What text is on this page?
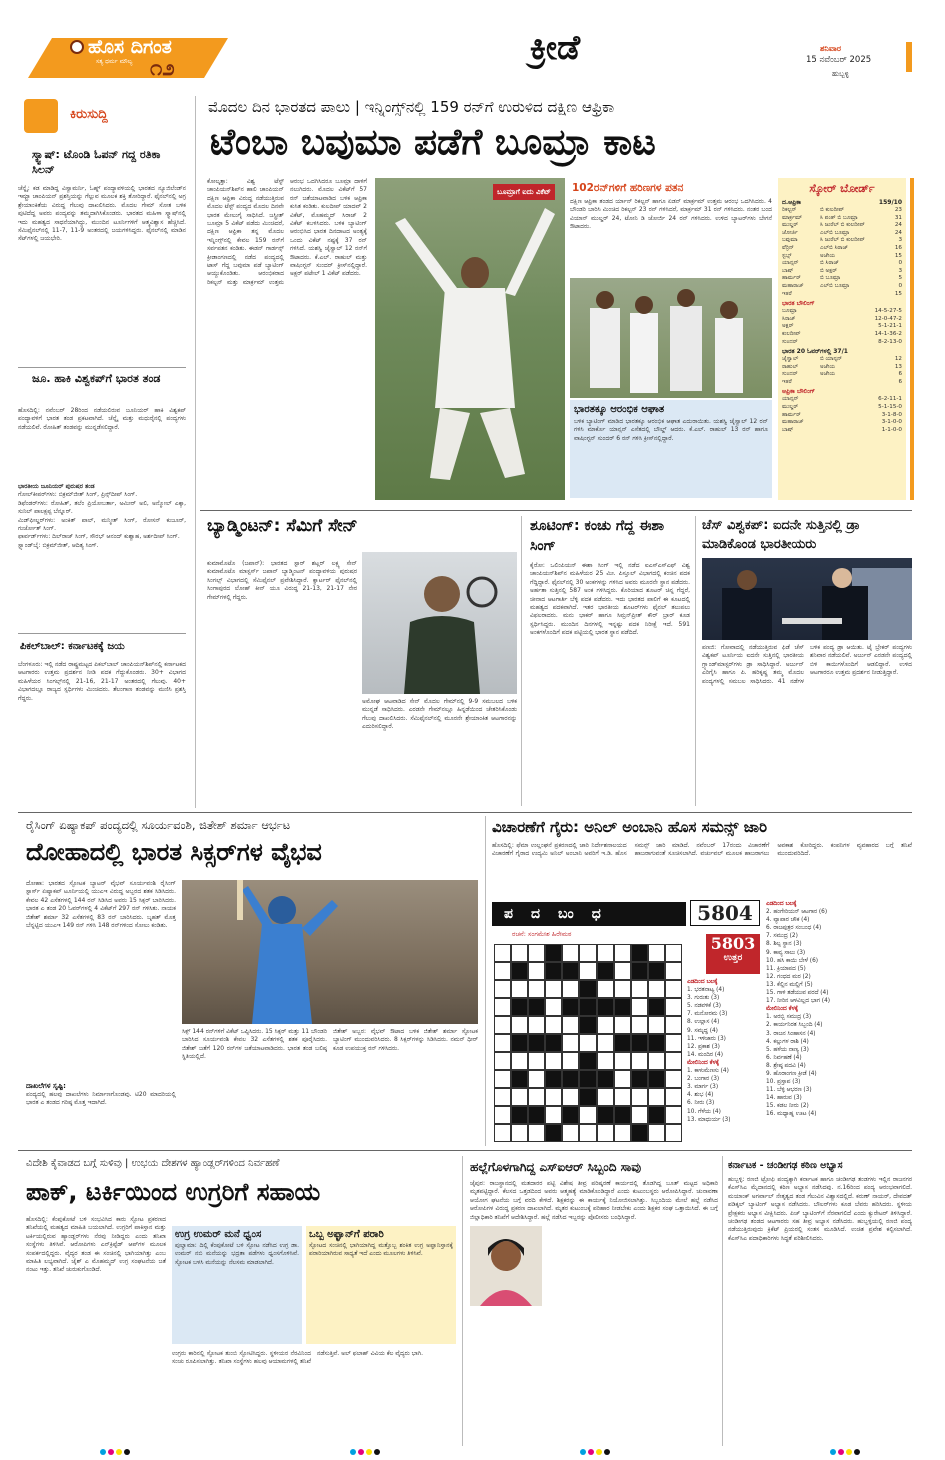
ಹೊಸ ದಿಗಂತ
ಸತ್ಯ ಧರ್ಮ ಮೌಲ್ಯ ೧೨
ಕ್ರೀಡೆ	ಶನಿವಾರ
15 ನವೆಂಬರ್ 2025
ಹುಬ್ಬಳ್ಳಿ
ಕಿರುಸುದ್ದಿ
ಸ್ಕ್ವಾಷ್: ಟೊಂಡಿ ಓಪನ್ ಗದ್ದ ರತಿಕಾ ಸಿಲನ್
ಚೆನ್ನೈ: ಕಡ ಮಾಡಿದ್ದ ವಿಸ್ವಾಮರ್ನಿ, ಓಹ್ನ್ ಪಂದ್ಯಾವಳಿಯಲ್ಲಿ ಭಾರತದ ನ್ಯೂಜಿಲೆಂಡ್‌ನ ಇಮ್ಟ್ರಾ ಚಾಂಪಿಯನ್ ಪ್ರಶಸ್ತಿಯನ್ನು ಗೆಲ್ಲುವ ಮೂಲಕ ಶಕ್ತಿ ತೋರಿದ್ದಾರೆ. ಫೈನಲ್‌ನಲ್ಲಿ ಅಗ್ರ ಶ್ರೇಯಾಂಕಿತೆಯ ವಿರುದ್ಧ ಗೆಲುವು ದಾಖಲಿಸಿದರು. ಮೊದಲ ಗೇಮ್ ಸೋತ ಬಳಿಕ ಪುಟಿದೆದ್ದ ಅವರು ಪಂದ್ಯವನ್ನು ತಮ್ಮದಾಗಿಸಿಕೊಂಡರು. ಭಾರತದ ಮಹಿಳಾ ಸ್ಕ್ವಾಷ್‌ನಲ್ಲಿ ಇದು ಮಹತ್ವದ ಸಾಧನೆಯಾಗಿದ್ದು, ಮುಂದಿನ ಟೂರ್ನಿಗಳಿಗೆ ಆತ್ಮವಿಶ್ವಾಸ ಹೆಚ್ಚಿಸಿದೆ. ಸೆಮಿಫೈನಲ್‌ನಲ್ಲಿ 11-7, 11-9 ಅಂತರದಲ್ಲಿ ಜಯಗಳಿಸಿದ್ದರು. ಫೈನಲ್‌ನಲ್ಲಿ ಮಾಡಿನ ಸೆಟ್‌ಗಳಲ್ಲಿ ಜಯಭೇರಿ.
ಜೂ. ಹಾಕಿ ವಿಶ್ವಕಪ್‌ಗೆ ಭಾರತ ತಂಡ
ಹೊಸದಿಲ್ಲಿ: ನವೆಂಬರ್ 28ರಿಂದ ನಡೆಯಲಿರುವ ಜೂನಿಯರ್ ಹಾಕಿ ವಿಶ್ವಕಪ್ ಪಂದ್ಯಾವಳಿಗೆ ಭಾರತ ತಂಡ ಪ್ರಕಟವಾಗಿದೆ. ಚೆನ್ನೈ ಮತ್ತು ಮಧುರೈನಲ್ಲಿ ಪಂದ್ಯಗಳು ನಡೆಯಲಿವೆ. ರೋಹಿತ್ ತಂಡವನ್ನು ಮುನ್ನಡೆಸಲಿದ್ದಾರೆ.
ಭಾರತೀಯ ಜೂನಿಯರ್ ಪುರುಷರ ತಂಡ
ಗೋಲ್‌ಕೀಪರ್‌ಗಳು: ಬಿಕ್ರಮ್‌ಜೀತ್ ಸಿಂಗ್, ಪ್ರಿನ್ಸ್‌ದೀಪ್ ಸಿಂಗ್.
ಡಿಫೆಂಡರ್‌ಗಳು: ರೋಹಿತ್, ತಲೆಂ ಪ್ರಿಯೋಬರ್ತಾ, ಅಮೀರ್ ಅಲಿ, ಅನ್ಮೋಲ್ ಎಕ್ಕಾ, ಸುನಿಲ್ ಪಾಲಕ್ಷಪ್ಪ ಬೆನ್ನೂರ್.
ಮಿಡ್‌ಫೀಲ್ಡರ್‌ಗಳು: ಅಂಕಿತ್ ಪಾಲ್, ಮನ್ಮೀತ್ ಸಿಂಗ್, ರೋಸನ್ ಕುಜೂರ್, ಗುರ್ಜೋತ್ ಸಿಂಗ್.
ಫಾರ್ವರ್ಡ್‌ಗಳು: ದಿಲ್‌ರಾಜ್ ಸಿಂಗ್, ಸೌರಭ್ ಆನಂದ್ ಕುಶ್ವಾಹ, ಅರ್ಶದೀಪ್ ಸಿಂಗ್.
ಸ್ಟ್ಯಾಂಡ್‌ಬೈ: ಬಿಕ್ರಮ್‌ಜೀತ್, ಆದಿತ್ಯ ಸಿಂಗ್.
ಪಿಕಲ್‌ಬಾಲ್: ಕರ್ನಾಟಕಕ್ಕೆ ಜಯ
ಬೆಂಗಳೂರು: ಇಲ್ಲಿ ನಡೆದ ರಾಷ್ಟ್ರಮಟ್ಟದ ಪಿಕಲ್‌ಬಾಲ್ ಚಾಂಪಿಯನ್‌ಶಿಪ್‌ನಲ್ಲಿ ಕರ್ನಾಟಕದ ಆಟಗಾರರು ಉತ್ತಮ ಪ್ರದರ್ಶನ ನೀಡಿ ಪದಕ ಗೆದ್ದುಕೊಂಡರು. 30+ ವಿಭಾಗದ ಮಹಿಳೆಯರ ಸಿಂಗಲ್ಸ್‌ನಲ್ಲಿ 21-16, 21-17 ಅಂತರದಲ್ಲಿ ಗೆಲುವು. 40+ ವಿಭಾಗದಲ್ಲೂ ರಾಜ್ಯದ ಸ್ಪರ್ಧಿಗಳು ಮಿಂಚಿದರು. ತೆಲಂಗಾಣ ತಂಡವನ್ನು ಮಣಿಸಿ ಪ್ರಶಸ್ತಿ ಗೆದ್ದರು.
ಮೊದಲ ದಿನ ಭಾರತದ ಪಾಲು | ಇನ್ನಿಂಗ್ಸ್‌ನಲ್ಲಿ 159 ರನ್‌ಗೆ ಉರುಳಿದ ದಕ್ಷಿಣ ಆಫ್ರಿಕಾ
ಟೆಂಬಾ ಬವುಮಾ ಪಡೆಗೆ ಬೂಮ್ರಾ ಕಾಟ
ಕೋಲ್ಕತ್ತಾ: ವಿಶ್ವ ಟೆಸ್ಟ್ ಚಾಂಪಿಯನ್‌ಶಿಪ್‌ನ ಹಾಲಿ ಚಾಂಪಿಯನ್ ದಕ್ಷಿಣ ಆಫ್ರಿಕಾ ವಿರುದ್ಧ ನಡೆಯುತ್ತಿರುವ ಮೊದಲ ಟೆಸ್ಟ್ ಪಂದ್ಯದ ಮೊದಲ ದಿನವೇ ಭಾರತ ಮೇಲುಗೈ ಸಾಧಿಸಿದೆ. ಜಸ್ಪ್ರೀತ್ ಬೂಮ್ರಾ 5 ವಿಕೆಟ್ ಪಡೆದು ಮಿಂಚಿದರೆ, ದಕ್ಷಿಣ ಆಫ್ರಿಕಾ ತನ್ನ ಮೊದಲ ಇನ್ನಿಂಗ್ಸ್‌ನಲ್ಲಿ ಕೇವಲ 159 ರನ್‌ಗೆ ಸರ್ವಪತನ ಕಂಡಿತು. ಈಡನ್ ಗಾರ್ಡನ್ಸ್ ಕ್ರೀಡಾಂಗಣದಲ್ಲಿ ನಡೆದ ಪಂದ್ಯದಲ್ಲಿ ಟಾಸ್ ಗೆದ್ದ ಬವುಮಾ ಪಡೆ ಬ್ಯಾಟಿಂಗ್ ಆಯ್ದುಕೊಂಡಿತು. ಆರಂಭಿಕರಾದ ರಿಕಲ್ಟನ್ ಮತ್ತು ಮಾರ್ಕ್ರಮ್ ಉತ್ತಮ ಆರಂಭ ಒದಗಿಸಿದರೂ ಬೂಮ್ರಾ ದಾಳಿಗೆ ನಲುಗಿದರು. ಮೊದಲ ವಿಕೆಟ್‌ಗೆ 57 ರನ್ ಜತೆಯಾಟವಾಡಿದ ಬಳಿಕ ಆಫ್ರಿಕಾ ಕುಸಿತ ಕಂಡಿತು. ಕುಲದೀಪ್ ಯಾದವ್ 2 ವಿಕೆಟ್, ಮೊಹಮ್ಮದ್ ಸಿರಾಜ್ 2 ವಿಕೆಟ್ ಕಬಳಿಸಿದರು. ಬಳಿಕ ಬ್ಯಾಟಿಂಗ್ ಆರಂಭಿಸಿದ ಭಾರತ ದಿನದಾಟದ ಅಂತ್ಯಕ್ಕೆ ಒಂದು ವಿಕೆಟ್ ನಷ್ಟಕ್ಕೆ 37 ರನ್ ಗಳಿಸಿದೆ. ಯಶಸ್ವಿ ಜೈಸ್ವಾಲ್ 12 ರನ್‌ಗೆ ಔಟಾದರು. ಕೆ.ಎಲ್. ರಾಹುಲ್ ಮತ್ತು ವಾಷಿಂಗ್ಟನ್ ಸುಂದರ್ ಕ್ರೀಸ್‌ನಲ್ಲಿದ್ದಾರೆ. ಅಕ್ಷರ್ ಪಟೇಲ್ 1 ವಿಕೆಟ್ ಪಡೆದರು.
ಬೂಮ್ರಾಗೆ ಐದು ವಿಕೆಟ್	102ರನ್‌ಗಳಿಗೆ ಹರಿಣಗಳ ಪತನ
ದಕ್ಷಿಣ ಆಫ್ರಿಕಾ ತಂಡದ ರ್ಯಾನ್ ರಿಕಲ್ಟನ್ ಹಾಗೂ ಏಡನ್ ಮಾರ್ಕ್ರಮ್ ಉತ್ತಮ ಆರಂಭ ಒದಗಿಸಿದರು. 4 ಬೌಂಡರಿ ಬಾರಿಸಿ ಮಿಂಚಿದ ರಿಕಲ್ಟನ್ 23 ರನ್ ಗಳಿಸಿದರೆ, ಮಾರ್ಕ್ರಮ್ 31 ರನ್ ಗಳಿಸಿದರು. ನಂತರ ಬಂದ ವಿಯಾನ್ ಮುಲ್ಡರ್ 24, ಟೋನಿ ಡಿ ಜೋರ್ಜಿ 24 ರನ್ ಗಳಿಸಿದರು. ಉಳಿದ ಬ್ಯಾಟರ್‌ಗಳು ಬೇಗನೆ ಔಟಾದರು.
ಭಾರತಕ್ಕೂ ಆರಂಭಿಕ ಆಘಾತ
ಬಳಿಕ ಬ್ಯಾಟಿಂಗ್ ಮಾಡಿದ ಭಾರತಕ್ಕೂ ಆರಂಭಿಕ ಆಘಾತ ಎದುರಾಯಿತು. ಯಶಸ್ವಿ ಜೈಸ್ವಾಲ್ 12 ರನ್ ಗಳಿಸಿ ಮಾರ್ಕೊ ಯಾನ್ಸನ್ ಎಸೆತದಲ್ಲಿ ಬೌಲ್ಡ್ ಆದರು. ಕೆ.ಎಲ್. ರಾಹುಲ್ 13 ರನ್ ಹಾಗೂ ವಾಷಿಂಗ್ಟನ್ ಸುಂದರ್ 6 ರನ್ ಗಳಿಸಿ ಕ್ರೀಸ್‌ನಲ್ಲಿದ್ದಾರೆ.
ಸ್ಕೋರ್ ಬೋರ್ಡ್
ದ.ಆಫ್ರಿಕಾ	159/10
ರಿಕಲ್ಟನ್	ಬಿ ಕುಲದೀಪ್	23
ಮಾರ್ಕ್ರಮ್	ಸಿ ಪಂತ್ ಬಿ ಬೂಮ್ರಾ	31
ಮುಲ್ಡರ್	ಸಿ ಜುರೆಲ್ ಬಿ ಕುಲದೀಪ್	24
ಜೋರ್ಜಿ	ಎಲ್‌ಬಿ ಬೂಮ್ರಾ	24
ಬವುಮಾ	ಸಿ ಜುರೆಲ್ ಬಿ ಕುಲದೀಪ್	3
ವೆರ್ರಿನ್	ಎಲ್‌ಬಿ ಸಿರಾಜ್	16
ಸ್ಟಬ್ಸ್	ಅಜೇಯ	15
ಯಾನ್ಸನ್	ಬಿ ಸಿರಾಜ್	0
ಬಾಷ್	ಬಿ ಅಕ್ಷರ್	3
ಹಾರ್ಮರ್	ಬಿ ಬೂಮ್ರಾ	5
ಮಹಾರಾಜ್	ಎಲ್‌ಬಿ ಬೂಮ್ರಾ	0
ಇತರೆ	15
ಭಾರತ ಬೌಲಿಂಗ್
ಬೂಮ್ರಾ	14-5-27-5
ಸಿರಾಜ್	12-0-47-2
ಅಕ್ಷರ್	5-1-21-1
ಕುಲದೀಪ್	14-1-36-2
ಸುಂದರ್	8-2-13-0
ಭಾರತ 20 ಓವರ್‌ಗಳಲ್ಲಿ 37/1
ಜೈಸ್ವಾಲ್	ಬಿ ಯಾನ್ಸನ್	12
ರಾಹುಲ್	ಅಜೇಯ	13
ಸುಂದರ್	ಅಜೇಯ	6
ಇತರೆ	6
ಆಫ್ರಿಕಾ ಬೌಲಿಂಗ್
ಯಾನ್ಸನ್	6-2-11-1
ಮುಲ್ಡರ್	5-1-15-0
ಹಾರ್ಮರ್	3-1-8-0
ಮಹಾರಾಜ್	3-1-0-0
ಬಾಷ್	1-1-0-0
ಬ್ಯಾಡ್ಮಿಂಟನ್: ಸೆಮಿಗೆ ಸೇನ್
ಕುಮಾಮೊಟೊ (ಜಪಾನ್): ಭಾರತದ ಸ್ಟಾರ್ ಶಟ್ಲರ್ ಲಕ್ಷ್ಯ ಸೇನ್ ಕುಮಾಮೊಟೊ ಮಾಸ್ಟರ್ಸ್ ಜಪಾನ್ ಬ್ಯಾಡ್ಮಿಂಟನ್ ಪಂದ್ಯಾವಳಿಯ ಪುರುಷರ ಸಿಂಗಲ್ಸ್ ವಿಭಾಗದಲ್ಲಿ ಸೆಮಿಫೈನಲ್ ಪ್ರವೇಶಿಸಿದ್ದಾರೆ. ಕ್ವಾರ್ಟರ್ ಫೈನಲ್‌ನಲ್ಲಿ ಸಿಂಗಾಪುರದ ಲೋಹ್ ಕೀನ್ ಯೂ ವಿರುದ್ಧ 21-13, 21-17 ನೇರ ಗೇಮ್‌ಗಳಲ್ಲಿ ಗೆದ್ದರು.
ಅಮೋಘ ಆಟವಾಡಿದ ಸೇನ್ ಮೊದಲ ಗೇಮ್‌ನಲ್ಲಿ 9-9 ಸಮಬಲದ ಬಳಿಕ ಮುನ್ನಡೆ ಸಾಧಿಸಿದರು. ಎರಡನೇ ಗೇಮ್‌ನಲ್ಲೂ ಹಿನ್ನಡೆಯಿಂದ ಚೇತರಿಸಿಕೊಂಡು ಗೆಲುವು ದಾಖಲಿಸಿದರು. ಸೆಮಿಫೈನಲ್‌ನಲ್ಲಿ ಮೂರನೇ ಶ್ರೇಯಾಂಕಿತ ಆಟಗಾರನನ್ನು ಎದುರಿಸಲಿದ್ದಾರೆ.
ಶೂಟಿಂಗ್: ಕಂಚು ಗೆದ್ದ ಈಶಾ ಸಿಂಗ್
ಕೈರೋ: ಒಲಿಂಪಿಯನ್ ಈಶಾ ಸಿಂಗ್ ಇಲ್ಲಿ ನಡೆದ ಐಎಸ್‌ಎಸ್‌ಎಫ್ ವಿಶ್ವ ಚಾಂಪಿಯನ್‌ಶಿಪ್‌ನ ಮಹಿಳೆಯರ 25 ಮೀ. ಪಿಸ್ತೂಲ್ ವಿಭಾಗದಲ್ಲಿ ಕಂಚಿನ ಪದಕ ಗೆದ್ದಿದ್ದಾರೆ. ಫೈನಲ್‌ನಲ್ಲಿ 30 ಅಂಕಗಳನ್ನು ಗಳಿಸಿದ ಅವರು ಮೂರನೇ ಸ್ಥಾನ ಪಡೆದರು. ಅರ್ಹತಾ ಸುತ್ತಿನಲ್ಲಿ 587 ಅಂಕ ಗಳಿಸಿದ್ದರು. ಕೊರಿಯಾದ ಶೂಟರ್ ಚಿನ್ನ ಗೆದ್ದರೆ, ಚೀನಾದ ಆಟಗಾರ್ತಿ ಬೆಳ್ಳಿ ಪದಕ ಪಡೆದರು. ಇದು ಭಾರತದ ಪಾಲಿಗೆ ಈ ಕೂಟದಲ್ಲಿ ಮಹತ್ವದ ಪದಕವಾಗಿದೆ. ಇತರ ಭಾರತೀಯ ಶೂಟರ್‌ಗಳು ಫೈನಲ್ ತಲುಪಲು ವಿಫಲರಾದರು. ಮನು ಭಾಕರ್ ಹಾಗೂ ಸಿಮ್ರನ್‌ಪ್ರೀತ್ ಕೌರ್ ಬ್ರಾರ್ ಕೂಡ ಸ್ಪರ್ಧಿಸಿದ್ದರು. ಮುಂದಿನ ದಿನಗಳಲ್ಲಿ ಇನ್ನಷ್ಟು ಪದಕ ನಿರೀಕ್ಷೆ ಇದೆ. 591 ಅಂಕಗಳೊಂದಿಗೆ ಪದಕ ಪಟ್ಟಿಯಲ್ಲಿ ಭಾರತ ಸ್ಥಾನ ಪಡೆದಿದೆ.
ಚೆಸ್ ವಿಶ್ವಕಪ್: ಐದನೇ ಸುತ್ತಿನಲ್ಲಿ ಡ್ರಾ ಮಾಡಿಕೊಂಡ ಭಾರತೀಯರು
ಪಣಜಿ: ಗೋವಾದಲ್ಲಿ ನಡೆಯುತ್ತಿರುವ ಫಿಡೆ ಚೆಸ್ ವಿಶ್ವಕಪ್ ಟೂರ್ನಿಯ ಐದನೇ ಸುತ್ತಿನಲ್ಲಿ ಭಾರತೀಯ ಗ್ರ್ಯಾಂಡ್‌ಮಾಸ್ಟರ್‌ಗಳು ಡ್ರಾ ಸಾಧಿಸಿದ್ದಾರೆ. ಅರ್ಜುನ್ ಎರಿಗೈಸಿ ಹಾಗೂ ಪಿ. ಹರಿಕೃಷ್ಣ ತಮ್ಮ ಮೊದಲ ಪಂದ್ಯಗಳಲ್ಲಿ ಸಮಬಲ ಸಾಧಿಸಿದರು. 41 ನಡೆಗಳ ಬಳಿಕ ಪಂದ್ಯ ಡ್ರಾ ಆಯಿತು. ಟೈ ಬ್ರೇಕರ್ ಪಂದ್ಯಗಳು ಶನಿವಾರ ನಡೆಯಲಿವೆ. ಅರ್ಜುನ್ ಎರಡನೇ ಪಂದ್ಯದಲ್ಲಿ ಬಿಳಿ ಕಾಯಿಗಳೊಂದಿಗೆ ಆಡಲಿದ್ದಾರೆ. ಉಳಿದ ಆಟಗಾರರೂ ಉತ್ತಮ ಪ್ರದರ್ಶನ ನೀಡುತ್ತಿದ್ದಾರೆ.
ರೈಸಿಂಗ್ ಏಷ್ಯಾಕಪ್ ಪಂದ್ಯದಲ್ಲಿ ಸೂರ್ಯವಂಶಿ, ಜಿತೇಶ್ ಶರ್ಮಾ ಆರ್ಭಟ
ದೋಹಾದಲ್ಲಿ ಭಾರತ ಸಿಕ್ಸರ್‌ಗಳ ವೈಭವ
ದೋಹಾ: ಭಾರತದ ಸ್ಫೋಟಕ ಬ್ಯಾಟರ್ ವೈಭವ್ ಸೂರ್ಯವಂಶಿ ರೈಸಿಂಗ್ ಸ್ಟಾರ್ಸ್ ಏಷ್ಯಾಕಪ್ ಟೂರ್ನಿಯಲ್ಲಿ ಯುಎಇ ವಿರುದ್ಧ ಅಬ್ಬರದ ಶತಕ ಸಿಡಿಸಿದರು. ಕೇವಲ 42 ಎಸೆತಗಳಲ್ಲಿ 144 ರನ್ ಸಿಡಿಸಿದ ಅವರು 15 ಸಿಕ್ಸರ್ ಬಾರಿಸಿದರು. ಭಾರತ ಎ ತಂಡ 20 ಓವರ್‌ಗಳಲ್ಲಿ 4 ವಿಕೆಟ್‌ಗೆ 297 ರನ್ ಗಳಿಸಿತು. ನಾಯಕ ಜಿತೇಶ್ ಶರ್ಮಾ 32 ಎಸೆತಗಳಲ್ಲಿ 83 ರನ್ ಬಾರಿಸಿದರು. ಬೃಹತ್ ಮೊತ್ತ ಬೆನ್ನಟ್ಟಿದ ಯುಎಇ 149 ರನ್ ಗಳಿಸಿ 148 ರನ್‌ಗಳಿಂದ ಸೋಲು ಕಂಡಿತು.
ದಾಖಲೆಗಳ ಸೃಷ್ಟಿ:
ಪಂದ್ಯದಲ್ಲಿ ಹಲವು ದಾಖಲೆಗಳು ನಿರ್ಮಾಣಗೊಂಡವು. ಟಿ20 ಮಾದರಿಯಲ್ಲಿ ಭಾರತ ಎ ತಂಡದ ಗರಿಷ್ಠ ಮೊತ್ತ ಇದಾಗಿದೆ.
ಸಿಕ್ಸ್ 144 ರನ್‌ಗಳಿಗೆ ವಿಕೆಟ್ ಒಪ್ಪಿಸಿದರು. 15 ಸಿಕ್ಸರ್ ಮತ್ತು 11 ಬೌಂಡರಿ ಬಾರಿಸಿದ ಸೂರ್ಯವಂಶಿ ಕೇವಲ 32 ಎಸೆತಗಳಲ್ಲಿ ಶತಕ ಪೂರೈಸಿದರು. ಜಿತೇಶ್ ಜತೆಗೆ 120 ರನ್‌ಗಳ ಜತೆಯಾಟವಾಡಿದರು. ಭಾರತ ತಂಡ ಬಲಿಷ್ಠ ಸ್ಥಿತಿಯಲ್ಲಿದೆ.
ಜಿತೇಶ್ ಅಬ್ಬರ: ವೈಭವ್ ಔಟಾದ ಬಳಿಕ ಜಿತೇಶ್ ಶರ್ಮಾ ಸ್ಫೋಟಕ ಬ್ಯಾಟಿಂಗ್ ಮುಂದುವರಿಸಿದರು. 8 ಸಿಕ್ಸರ್‌ಗಳನ್ನು ಸಿಡಿಸಿದರು. ನಮನ್ ಧೀರ್ ಕೂಡ ಉಪಯುಕ್ತ ರನ್ ಗಳಿಸಿದರು.
ವಿಚಾರಣೆಗೆ ಗೈರು: ಅನಿಲ್ ಅಂಬಾನಿ ಹೊಸ ಸಮನ್ಸ್ ಜಾರಿ
ಹೊಸದಿಲ್ಲಿ: ಫೆಮಾ ಉಲ್ಲಂಘನೆ ಪ್ರಕರಣದಲ್ಲಿ ಜಾರಿ ನಿರ್ದೇಶನಾಲಯದ ವಿಚಾರಣೆಗೆ ಗೈರಾದ ಉದ್ಯಮಿ ಅನಿಲ್ ಅಂಬಾನಿ ಅವರಿಗೆ ಇ.ಡಿ. ಹೊಸ ಸಮನ್ಸ್ ಜಾರಿ ಮಾಡಿದೆ. ನವೆಂಬರ್ 17ರಂದು ವಿಚಾರಣೆಗೆ ಹಾಜರಾಗುವಂತೆ ಸೂಚಿಸಲಾಗಿದೆ. ವರ್ಚುವಲ್ ಮೂಲಕ ಹಾಜರಾಗಲು ಅವಕಾಶ ಕೋರಿದ್ದರು. ಕಂಪನಿಗಳ ವ್ಯವಹಾರದ ಬಗ್ಗೆ ತನಿಖೆ ಮುಂದುವರಿದಿದೆ.
ಪದಬಂಧ
ರಚನೆ: ಸಂಗಮೇಶ ಹಿರೇಮಠ
5804
5803
ಉತ್ತರ
ಎಡದಿಂದ ಬಲಕ್ಕೆ
1. ಭರತನಾಟ್ಯ (4)
3. ಗುರುತು (3)
5. ನಡವಳಿಕೆ (3)
7. ಮನೋರಮ (3)
8. ಉಲ್ಲಾಸ (4)
9. ಸಮೃದ್ಧ (4)
11. ಇಳಿಜಾರು (3)
12. ಪ್ರಕಾಶ (3)
14. ಮಂದಿರ (4)
ಮೇಲಿನಿಂದ ಕೆಳಕ್ಕೆ
1. ಕಾಳುಮೆಣಸು (4)
2. ಬಂಗಾರ (3)
3. ಮಾರ್ಗ (3)
4. ಶುಭ (4)
6. ನೀರು (3)
10. ಗೆಳೆಯ (4)
13. ಮಾಧುರ್ಯ (3)
ಎಡದಿಂದ ಬಲಕ್ಕೆ
2. ಹಂಗೇರಿಯನ್ ಆಟಗಾರ (6)
4. ವ್ಯಾಪಾರ ಚೌಕ (4)
6. ರಾಜಪುತ್ರರ ಸಂಬಂಧ (4)
7. ಸಮುದ್ರ (2)
8. ಶಿಲ್ಪ ಸ್ಥಾನ (3)
9. ಕಾವ್ಯ ಸಾಲು (3)
10. ಹಸಿ ಕಾಯಿ ಬೇಳೆ (6)
11. ಕ್ರಿಯಾಪದ (5)
12. ಗಂಧದ ಮರ (2)
13. ಕೆಲ್ಲಿನ ಮಲ್ಲಿಗೆ (5)
15. ಗಾಳಿ ತಡೆಯುವ ಪರದೆ (4)
17. ನೀರಿನ ಆಳವಿಲ್ಲದ ಭಾಗ (4)
ಮೇಲಿನಿಂದ ಕೆಳಕ್ಕೆ
1. ಅರಬ್ಬಿ ಸಮುದ್ರ (3)
2. ಕಾರ್ಯನಿರತ ಸಿಬ್ಬಂದಿ (4)
3. ರಾಜನ ಸಿಂಹಾಸನ (4)
4. ಕಲ್ಲುಗಳ ರಾಶಿ (4)
5. ಹಳೆಯ ನಾಣ್ಯ (3)
6. ನಿರ್ವಹಣೆ (4)
8. ಶ್ರೇಷ್ಠ ಪದವಿ (4)
9. ಹೊರಾಂಗಣ ಕ್ರೀಡೆ (4)
10. ಪ್ರಸ್ತಾಪ (3)
11. ಬೆಳ್ಳಿ ಆಭರಣ (3)
14. ಹಾರುವ (3)
15. ಕಡಲ ನೀರು (2)
16. ಮಧ್ಯಾಹ್ನ ಊಟ (4)
ವಿದೇಶಿ ಕೈವಾಡದ ಬಗ್ಗೆ ಸುಳಿವು | ಉಭಯ ದೇಶಗಳ ಹ್ಯಾಂಡ್ಲರ್‌ಗಳಿಂದ ನಿರ್ವಹಣೆ
ಪಾಕ್, ಟರ್ಕಿಯಿಂದ ಉಗ್ರರಿಗೆ ಸಹಾಯ
ಹೊಸದಿಲ್ಲಿ: ಕೆಂಪುಕೋಟೆ ಬಳಿ ಸಂಭವಿಸಿದ ಕಾರು ಸ್ಫೋಟ ಪ್ರಕರಣದ ತನಿಖೆಯಲ್ಲಿ ಮಹತ್ವದ ಮಾಹಿತಿ ಬಯಲಾಗಿದೆ. ಉಗ್ರರಿಗೆ ಪಾಕಿಸ್ತಾನ ಮತ್ತು ಟರ್ಕಿಯಲ್ಲಿರುವ ಹ್ಯಾಂಡ್ಲರ್‌ಗಳು ನೆರವು ನೀಡಿದ್ದರು ಎಂದು ತನಿಖಾ ಸಂಸ್ಥೆಗಳು ತಿಳಿಸಿವೆ. ಆರೋಪಿಗಳು ಎನ್‌ಕ್ರಿಪ್ಟೆಡ್ ಆಪ್‌ಗಳ ಮೂಲಕ ಸಂಪರ್ಕದಲ್ಲಿದ್ದರು. ವೈದ್ಯರ ತಂಡ ಈ ಸಂಚಿನಲ್ಲಿ ಭಾಗಿಯಾಗಿತ್ತು ಎಂಬ ಮಾಹಿತಿ ಲಭ್ಯವಾಗಿದೆ. ಜೈಶ್ ಎ ಮೊಹಮ್ಮದ್ ಉಗ್ರ ಸಂಘಟನೆಯ ಜತೆ ನಂಟು ಇತ್ತು. ತನಿಖೆ ಚುರುಕುಗೊಂಡಿದೆ.
ಉಗ್ರ ಉಮರ್ ಮನೆ ಧ್ವಂಸ
ಪುಲ್ವಾಮಾ: ದಿಲ್ಲಿ ಕೆಂಪುಕೋಟೆ ಬಳಿ ಸ್ಫೋಟ ನಡೆಸಿದ ಉಗ್ರ ಡಾ. ಉಮರ್ ನಬಿ ಮನೆಯನ್ನು ಭದ್ರತಾ ಪಡೆಗಳು ಧ್ವಂಸಗೊಳಿಸಿವೆ. ಸ್ಫೋಟಕ ಬಳಸಿ ಮನೆಯನ್ನು ನೆಲಸಮ ಮಾಡಲಾಗಿದೆ.
ಒಬ್ಬ ಅಫ್ಘಾನ್‌ಗೆ ಪರಾರಿ
ಸ್ಫೋಟದ ಸಂಚಿನಲ್ಲಿ ಭಾಗಿಯಾಗಿದ್ದ ಮತ್ತೊಬ್ಬ ಶಂಕಿತ ಉಗ್ರ ಅಫ್ಘಾನಿಸ್ತಾನಕ್ಕೆ ಪರಾರಿಯಾಗಿರುವ ಸಾಧ್ಯತೆ ಇದೆ ಎಂದು ಮೂಲಗಳು ತಿಳಿಸಿವೆ.
ಉಗ್ರರು ಕಾರಿನಲ್ಲಿ ಸ್ಫೋಟಕ ತುಂಬಿ ಸ್ಫೋಟಿಸಿದ್ದರು. ಸ್ಥಳೀಯರ ನೆರವಿನಿಂದ ಸಂಚು ರೂಪಿಸಲಾಗಿತ್ತು. ತನಿಖಾ ಸಂಸ್ಥೆಗಳು ಹಲವು ಆಯಾಮಗಳಲ್ಲಿ ತನಿಖೆ ನಡೆಸುತ್ತಿವೆ. ಅಲ್ ಫಲಾಹ್ ವಿವಿಯ ಕೆಲ ವೈದ್ಯರು ಭಾಗಿ.
ಹಲ್ಲೆಗೊಳಗಾಗಿದ್ದ ಎಸ್‌ಐಆರ್ ಸಿಬ್ಬಂದಿ ಸಾವು
ಜೈಪುರ: ರಾಜಸ್ಥಾನದಲ್ಲಿ ಮತದಾರರ ಪಟ್ಟಿ ವಿಶೇಷ ತೀವ್ರ ಪರಿಷ್ಕರಣೆ ಕಾರ್ಯದಲ್ಲಿ ತೊಡಗಿದ್ದ ಬೂತ್ ಮಟ್ಟದ ಅಧಿಕಾರಿ ಮೃತಪಟ್ಟಿದ್ದಾರೆ. ಕೆಲಸದ ಒತ್ತಡದಿಂದ ಅವರು ಆತ್ಮಹತ್ಯೆ ಮಾಡಿಕೊಂಡಿದ್ದಾರೆ ಎಂದು ಕುಟುಂಬಸ್ಥರು ಆರೋಪಿಸಿದ್ದಾರೆ. ಚುನಾವಣಾ ಆಯೋಗ ಘಟನೆಯ ಬಗ್ಗೆ ವರದಿ ಕೇಳಿದೆ. ಶಿಕ್ಷಕರನ್ನು ಈ ಕಾರ್ಯಕ್ಕೆ ನಿಯೋಜಿಸಲಾಗಿತ್ತು. ಸಿಬ್ಬಂದಿಯ ಮೇಲೆ ಹಲ್ಲೆ ನಡೆಸಿದ ಆರೋಪಿಗಳ ವಿರುದ್ಧ ಪ್ರಕರಣ ದಾಖಲಾಗಿದೆ. ಮೃತರ ಕುಟುಂಬಕ್ಕೆ ಪರಿಹಾರ ನೀಡಬೇಕು ಎಂದು ಶಿಕ್ಷಕರ ಸಂಘ ಒತ್ತಾಯಿಸಿದೆ. ಈ ಬಗ್ಗೆ ಜಿಲ್ಲಾಧಿಕಾರಿ ತನಿಖೆಗೆ ಆದೇಶಿಸಿದ್ದಾರೆ. ಹಲ್ಲೆ ನಡೆಸಿದ ಇಬ್ಬರನ್ನು ಪೊಲೀಸರು ಬಂಧಿಸಿದ್ದಾರೆ.
ಕರ್ನಾಟಕ - ಚಂಡೀಗಢ ಕಠಿಣ ಅಭ್ಯಾಸ
ಹುಬ್ಬಳ್ಳಿ: ರಣಜಿ ಟ್ರೋಫಿ ಪಂದ್ಯಕ್ಕಾಗಿ ಕರ್ನಾಟಕ ಹಾಗೂ ಚಂಡೀಗಢ ತಂಡಗಳು ಇಲ್ಲಿನ ರಾಜನಗರ ಕೆಎಸ್‌ಸಿಎ ಮೈದಾನದಲ್ಲಿ ಕಠಿಣ ಅಭ್ಯಾಸ ನಡೆಸಿದವು. ನ.16ರಿಂದ ಪಂದ್ಯ ಆರಂಭವಾಗಲಿದೆ. ಮಯಾಂಕ್ ಅಗರ್ವಾಲ್ ನೇತೃತ್ವದ ತಂಡ ಗೆಲುವಿನ ವಿಶ್ವಾಸದಲ್ಲಿದೆ. ಕರುಣ್ ನಾಯರ್, ದೇವದತ್ ಪಡಿಕ್ಕಲ್ ಬ್ಯಾಟಿಂಗ್ ಅಭ್ಯಾಸ ನಡೆಸಿದರು. ಬೌಲರ್‌ಗಳು ಕೂಡ ಬೆವರು ಹರಿಸಿದರು. ಸ್ಥಳೀಯ ಪ್ರೇಕ್ಷಕರು ಅಭ್ಯಾಸ ವೀಕ್ಷಿಸಿದರು. ಪಿಚ್ ಬ್ಯಾಟಿಂಗ್‌ಗೆ ನೆರವಾಗಲಿದೆ ಎಂದು ಕ್ಯುರೇಟರ್ ತಿಳಿಸಿದ್ದಾರೆ. ಚಂಡೀಗಢ ತಂಡದ ಆಟಗಾರರು ಸಹ ತೀವ್ರ ಅಭ್ಯಾಸ ನಡೆಸಿದರು. ಹುಬ್ಬಳ್ಳಿಯಲ್ಲಿ ರಣಜಿ ಪಂದ್ಯ ನಡೆಯುತ್ತಿರುವುದು ಕ್ರಿಕೆಟ್ ಪ್ರಿಯರಲ್ಲಿ ಸಂತಸ ಮೂಡಿಸಿದೆ. ಉಚಿತ ಪ್ರವೇಶ ಕಲ್ಪಿಸಲಾಗಿದೆ. ಕೆಎಸ್‌ಸಿಎ ಪದಾಧಿಕಾರಿಗಳು ಸಿದ್ಧತೆ ಪರಿಶೀಲಿಸಿದರು.
